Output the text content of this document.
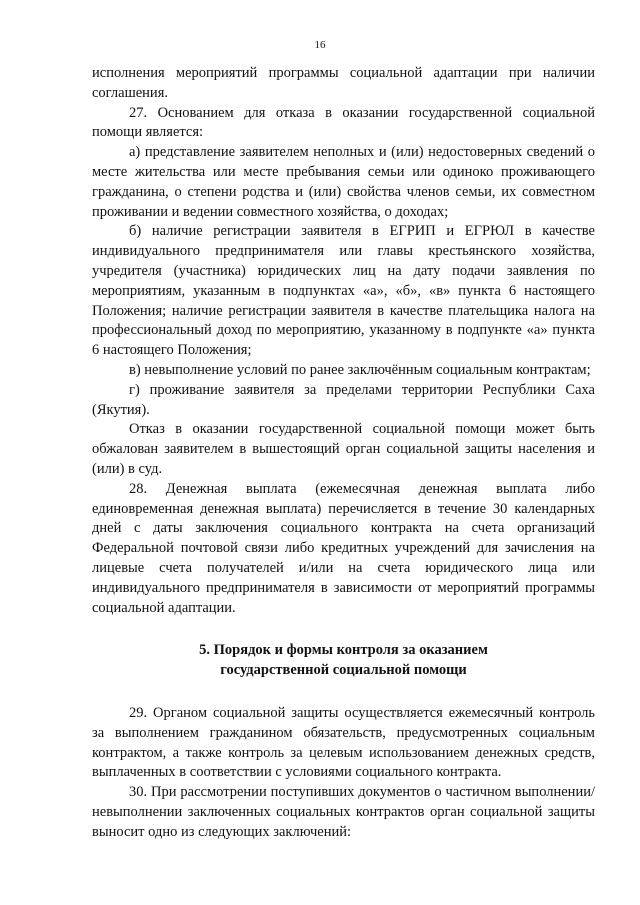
16

исполнения мероприятий программы социальной адаптации при наличии соглашения.

27. Основанием для отказа в оказании государственной социальной помощи является:

а) представление заявителем неполных и (или) недостоверных сведений о месте жительства или месте пребывания семьи или одиноко проживающего гражданина, о степени родства и (или) свойства членов семьи, их совместном проживании и ведении совместного хозяйства, о доходах;

б) наличие регистрации заявителя в ЕГРИП и ЕГРЮЛ в качестве индивидуального предпринимателя или главы крестьянского хозяйства, учредителя (участника) юридических лиц на дату подачи заявления по мероприятиям, указанным в подпунктах «а», «б», «в» пункта 6 настоящего Положения; наличие регистрации заявителя в качестве плательщика налога на профессиональный доход по мероприятию, указанному в подпункте «а» пункта 6 настоящего Положения;

в) невыполнение условий по ранее заключённым социальным контрактам;

г) проживание заявителя за пределами территории Республики Саха (Якутия).

Отказ в оказании государственной социальной помощи может быть обжалован заявителем в вышестоящий орган социальной защиты населения и (или) в суд.

28. Денежная выплата (ежемесячная денежная выплата либо единовременная денежная выплата) перечисляется в течение 30 календарных дней с даты заключения социального контракта на счета организаций Федеральной почтовой связи либо кредитных учреждений для зачисления на лицевые счета получателей и/или на счета юридического лица или индивидуального предпринимателя в зависимости от мероприятий программы социальной адаптации.

5. Порядок и формы контроля за оказанием
государственной социальной помощи

29. Органом социальной защиты осуществляется ежемесячный контроль за выполнением гражданином обязательств, предусмотренных социальным контрактом, а также контроль за целевым использованием денежных средств, выплаченных в соответствии с условиями социального контракта.

30. При рассмотрении поступивших документов о частичном выполнении/невыполнении заключенных социальных контрактов орган социальной защиты выносит одно из следующих заключений:
